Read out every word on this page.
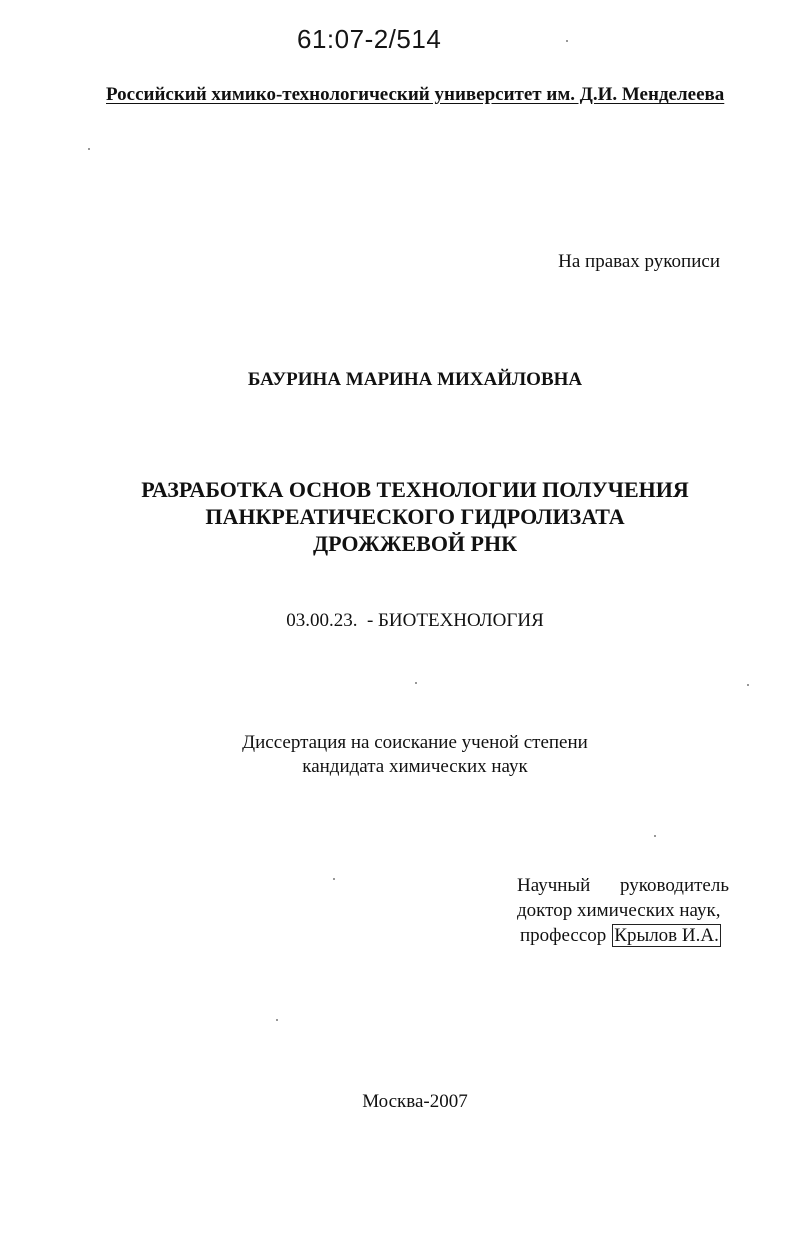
61:07-2/514
Российский химико-технологический университет им. Д.И. Менделеева
На правах рукописи
БАУРИНА МАРИНА МИХАЙЛОВНА
РАЗРАБОТКА ОСНОВ ТЕХНОЛОГИИ ПОЛУЧЕНИЯ
ПАНКРЕАТИЧЕСКОГО ГИДРОЛИЗАТА
ДРОЖЖЕВОЙ РНК
03.00.23.  - БИОТЕХНОЛОГИЯ
Диссертация на соискание ученой степени
кандидата химических наук
Научный руководитель
доктор химических наук,
профессор Крылов И.А.
Москва-2007
